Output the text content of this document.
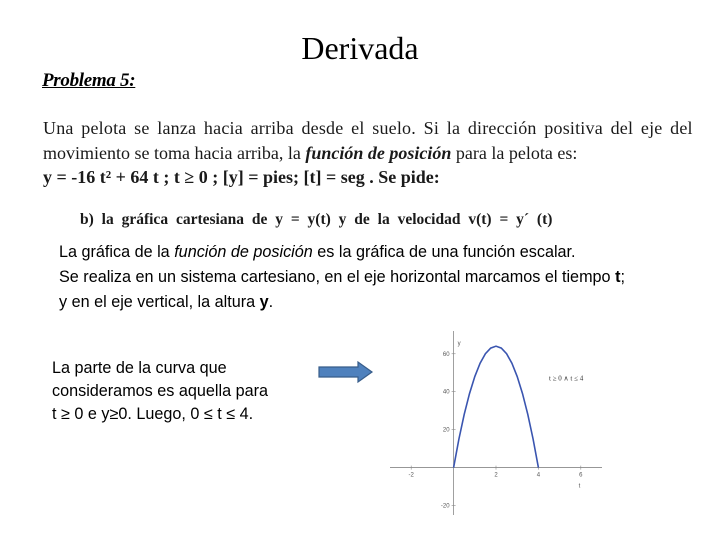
Derivada
Problema 5:
Una pelota se lanza hacia arriba desde el suelo. Si la dirección positiva del eje del
movimiento se toma hacia arriba, la función de posición para la pelota es:
y = -16 t² + 64 t ; t ≥ 0 ; [y] = pies; [t] = seg . Se pide:
b) la gráfica cartesiana de y = y(t) y de la velocidad v(t) = y´ (t)

La gráfica de la función de posición es la gráfica de una función escalar.

Se realiza en un sistema cartesiano, en el eje horizontal marcamos el tiempo t;

y en el eje vertical, la altura y.

La parte de la curva que

consideramos es aquella para

t ≥ 0 e y≥0. Luego, 0 ≤ t ≤ 4.

-2	2	4	6
60
40
20
-20
y
t
t ≥ 0 ∧ t ≤ 4
